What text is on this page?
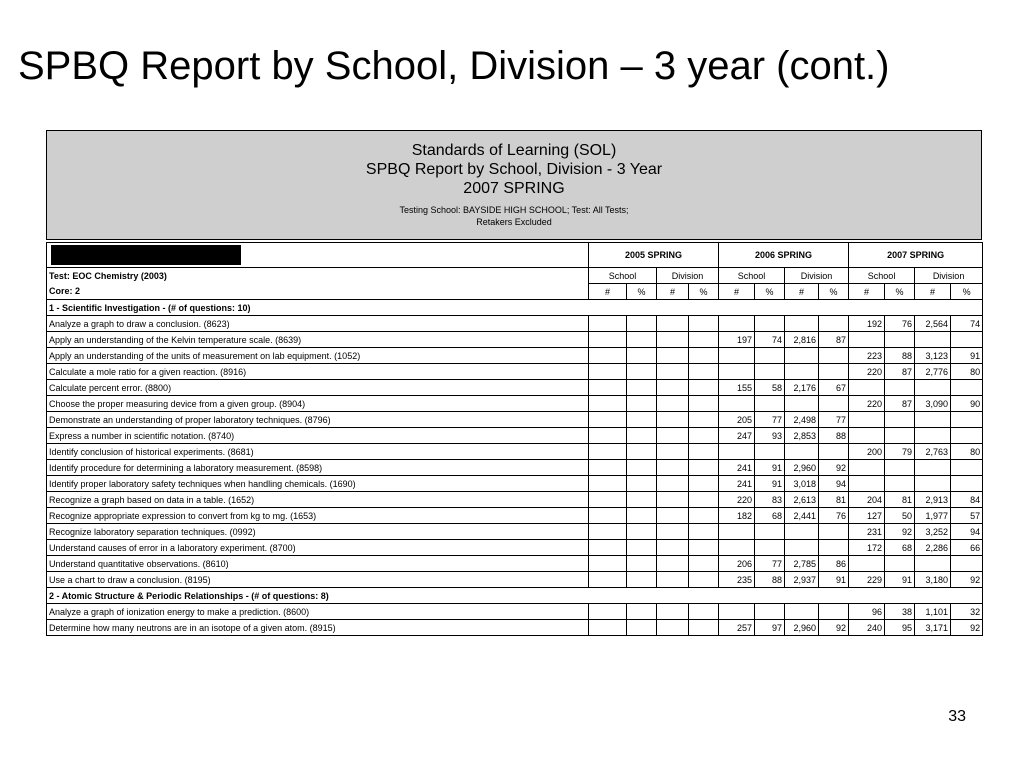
SPBQ Report by School, Division – 3 year (cont.)
Standards of Learning (SOL)
SPBQ Report by School, Division - 3 Year
2007 SPRING
Testing School: BAYSIDE HIGH SCHOOL; Test: All Tests;
Retakers Excluded
	2005 SPRING				2006 SPRING				2007 SPRING			
Test: EOC Chemistry (2003)	School		Division		School		Division		School		Division	
Core: 2	#	%	#	%	#	%	#	%	#	%	#	%
1 - Scientific Investigation - (# of questions: 10)												
Analyze a graph to draw a conclusion. (8623)									192	76	2,564	74
Apply an understanding of the Kelvin temperature scale. (8639)					197	74	2,816	87				
Apply an understanding of the units of measurement on lab equipment. (1052)									223	88	3,123	91
Calculate a mole ratio for a given reaction. (8916)									220	87	2,776	80
Calculate percent error. (8800)					155	58	2,176	67				
Choose the proper measuring device from a given group. (8904)									220	87	3,090	90
Demonstrate an understanding of proper laboratory techniques. (8796)					205	77	2,498	77				
Express a number in scientific notation. (8740)					247	93	2,853	88				
Identify conclusion of historical experiments. (8681)									200	79	2,763	80
Identify procedure for determining a laboratory measurement. (8598)					241	91	2,960	92				
Identify proper laboratory safety techniques when handling chemicals. (1690)					241	91	3,018	94				
Recognize a graph based on data in a table. (1652)					220	83	2,613	81	204	81	2,913	84
Recognize appropriate expression to convert from kg to mg. (1653)					182	68	2,441	76	127	50	1,977	57
Recognize laboratory separation techniques. (0992)									231	92	3,252	94
Understand causes of error in a laboratory experiment. (8700)									172	68	2,286	66
Understand quantitative observations. (8610)					206	77	2,785	86				
Use a chart to draw a conclusion. (8195)					235	88	2,937	91	229	91	3,180	92
2 - Atomic Structure & Periodic Relationships - (# of questions: 8)												
Analyze a graph of ionization energy to make a prediction. (8600)									96	38	1,101	32
Determine how many neutrons are in an isotope of a given atom. (8915)					257	97	2,960	92	240	95	3,171	92
33
